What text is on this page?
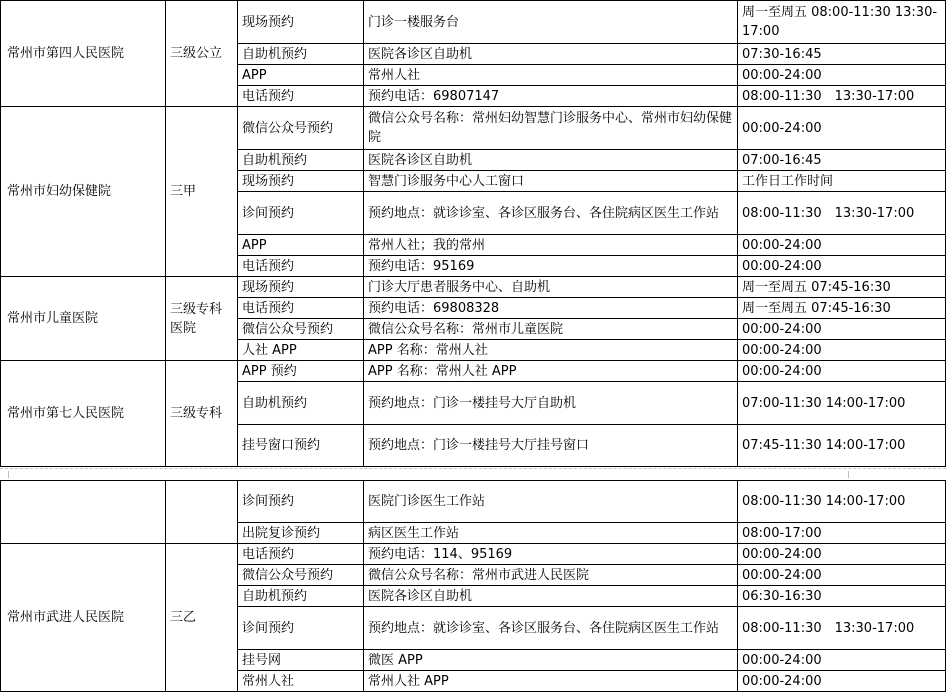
常州市第四人民医院	三级公立	现场预约	门诊一楼服务台	周一至周五 08:00-11:30 13:30-17:00
		自助机预约	医院各诊区自助机	07:30-16:45
		APP	常州人社	00:00-24:00
		电话预约	预约电话：69807147	08:00-11:30　13:30-17:00
常州市妇幼保健院	三甲	微信公众号预约	微信公众号名称：常州妇幼智慧门诊服务中心、常州市妇幼保健院	00:00-24:00
		自助机预约	医院各诊区自助机	07:00-16:45
		现场预约	智慧门诊服务中心人工窗口	工作日工作时间
		诊间预约	预约地点：就诊诊室、各诊区服务台、各住院病区医生工作站	08:00-11:30　13:30-17:00
		APP	常州人社；我的常州	00:00-24:00
		电话预约	预约电话：95169	00:00-24:00
常州市儿童医院	三级专科医院	现场预约	门诊大厅患者服务中心、自助机	周一至周五 07:45-16:30
		电话预约	预约电话：69808328	周一至周五 07:45-16:30
		微信公众号预约	微信公众号名称：常州市儿童医院	00:00-24:00
		人社 APP	APP 名称：常州人社	00:00-24:00
常州市第七人民医院	三级专科	APP 预约	APP 名称：常州人社 APP	00:00-24:00
		自助机预约	预约地点：门诊一楼挂号大厅自助机	07:00-11:30 14:00-17:00
		挂号窗口预约	预约地点：门诊一楼挂号大厅挂号窗口	07:45-11:30 14:00-17:00
		诊间预约	医院门诊医生工作站	08:00-11:30 14:00-17:00
		出院复诊预约	病区医生工作站	08:00-17:00
常州市武进人民医院	三乙	电话预约	预约电话：114、95169	00:00-24:00
		微信公众号预约	微信公众号名称：常州市武进人民医院	00:00-24:00
		自助机预约	医院各诊区自助机	06:30-16:30
		诊间预约	预约地点：就诊诊室、各诊区服务台、各住院病区医生工作站	08:00-11:30　13:30-17:00
		挂号网	微医 APP	00:00-24:00
		常州人社	常州人社 APP	00:00-24:00
